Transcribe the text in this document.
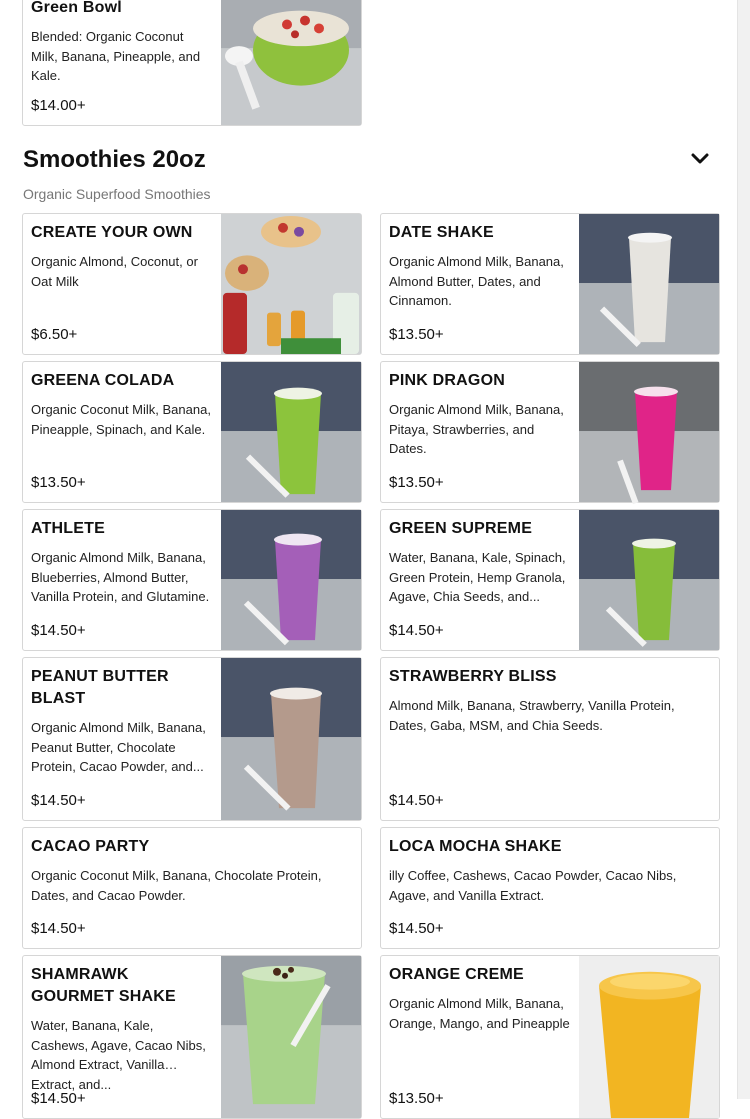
Green Bowl
Blended: Organic Coconut Milk, Banana, Pineapple, and Kale.
$14.00+
Smoothies 20oz
Organic Superfood Smoothies
CREATE YOUR OWN
Organic Almond, Coconut, or Oat Milk
$6.50+
DATE SHAKE
Organic Almond Milk, Banana, Almond Butter, Dates, and Cinnamon.
$13.50+
GREENA COLADA
Organic Coconut Milk, Banana, Pineapple, Spinach, and Kale.
$13.50+
PINK DRAGON
Organic Almond Milk, Banana, Pitaya, Strawberries, and Dates.
$13.50+
ATHLETE
Organic Almond Milk, Banana, Blueberries, Almond Butter, Vanilla Protein, and Glutamine.
$14.50+
GREEN SUPREME
Water, Banana, Kale, Spinach, Green Protein, Hemp Granola, Agave, Chia Seeds, and...
$14.50+
PEANUT BUTTER BLAST
Organic Almond Milk, Banana, Peanut Butter, Chocolate Protein, Cacao Powder, and...
$14.50+
STRAWBERRY BLISS
Almond Milk, Banana, Strawberry, Vanilla Protein, Dates, Gaba, MSM, and Chia Seeds.
$14.50+
CACAO PARTY
Organic Coconut Milk, Banana, Chocolate Protein, Dates, and Cacao Powder.
$14.50+
LOCA MOCHA SHAKE
illy Coffee, Cashews, Cacao Powder, Cacao Nibs, Agave, and Vanilla Extract.
$14.50+
SHAMRAWK GOURMET SHAKE
Water, Banana, Kale, Cashews, Agave, Cacao Nibs, Almond Extract, Vanilla Extract, and...
$14.50+
ORANGE CREME
Organic Almond Milk, Banana, Orange, Mango, and Pineapple
$13.50+
